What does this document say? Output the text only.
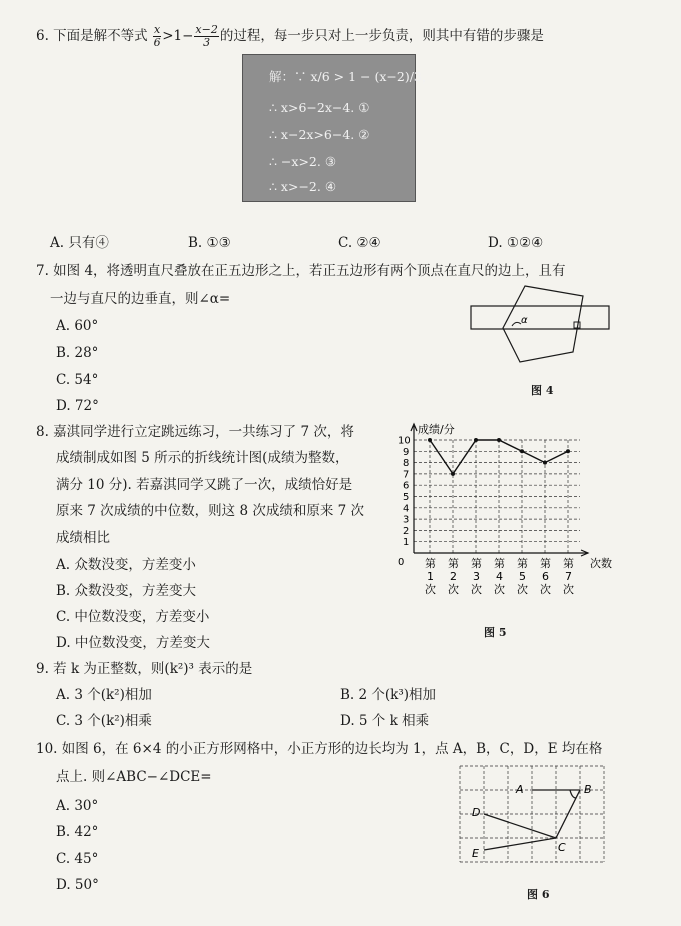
6. 下面是解不等式 $\frac{x}{6} >1- \frac{x-2}{3}$ 的过程，每一步只对上一步负责，则其中有错的步骤是
解：∵ x/6 > 1 − (x−2)/3，
∴ x>6−2x−4. ①
∴ x−2x>6−4. ②
∴ −x>2. ③
∴ x>−2. ④
A. 只有④	B. ①③	C. ②④	D. ①②④
7. 如图 4，将透明直尺叠放在正五边形之上，若正五边形有两个顶点在直尺的边上，且有
一边与直尺的边垂直，则∠α=
A. 60°
B. 28°
C. 54°
D. 72°
α
图 4
8. 嘉淇同学进行立定跳远练习，一共练习了 7 次，将
成绩制成如图 5 所示的折线统计图(成绩为整数，
满分 10 分). 若嘉淇同学又跳了一次，成绩恰好是
原来 7 次成绩的中位数，则这 8 次成绩和原来 7 次
成绩相比
A. 众数没变，方差变小
B. 众数没变，方差变大
C. 中位数没变，方差变小
D. 中位数没变，方差变大
成绩/分
0
1
2
3
4
5
6
7
8
9
10
次数
第
1
次
第
2
次
第
3
次
第
4
次
第
5
次
第
6
次
第
7
次
图 5
9. 若 k 为正整数，则(k²)³ 表示的是
A. 3 个(k²)相加	B. 2 个(k³)相加
C. 3 个(k²)相乘	D. 5 个 k 相乘
10. 如图 6，在 6×4 的小正方形网格中，小正方形的边长均为 1，点 A，B，C，D，E 均在格
点上. 则∠ABC−∠DCE=
A. 30°
B. 42°
C. 45°
D. 50°
A	B
C
D
E
图 6
